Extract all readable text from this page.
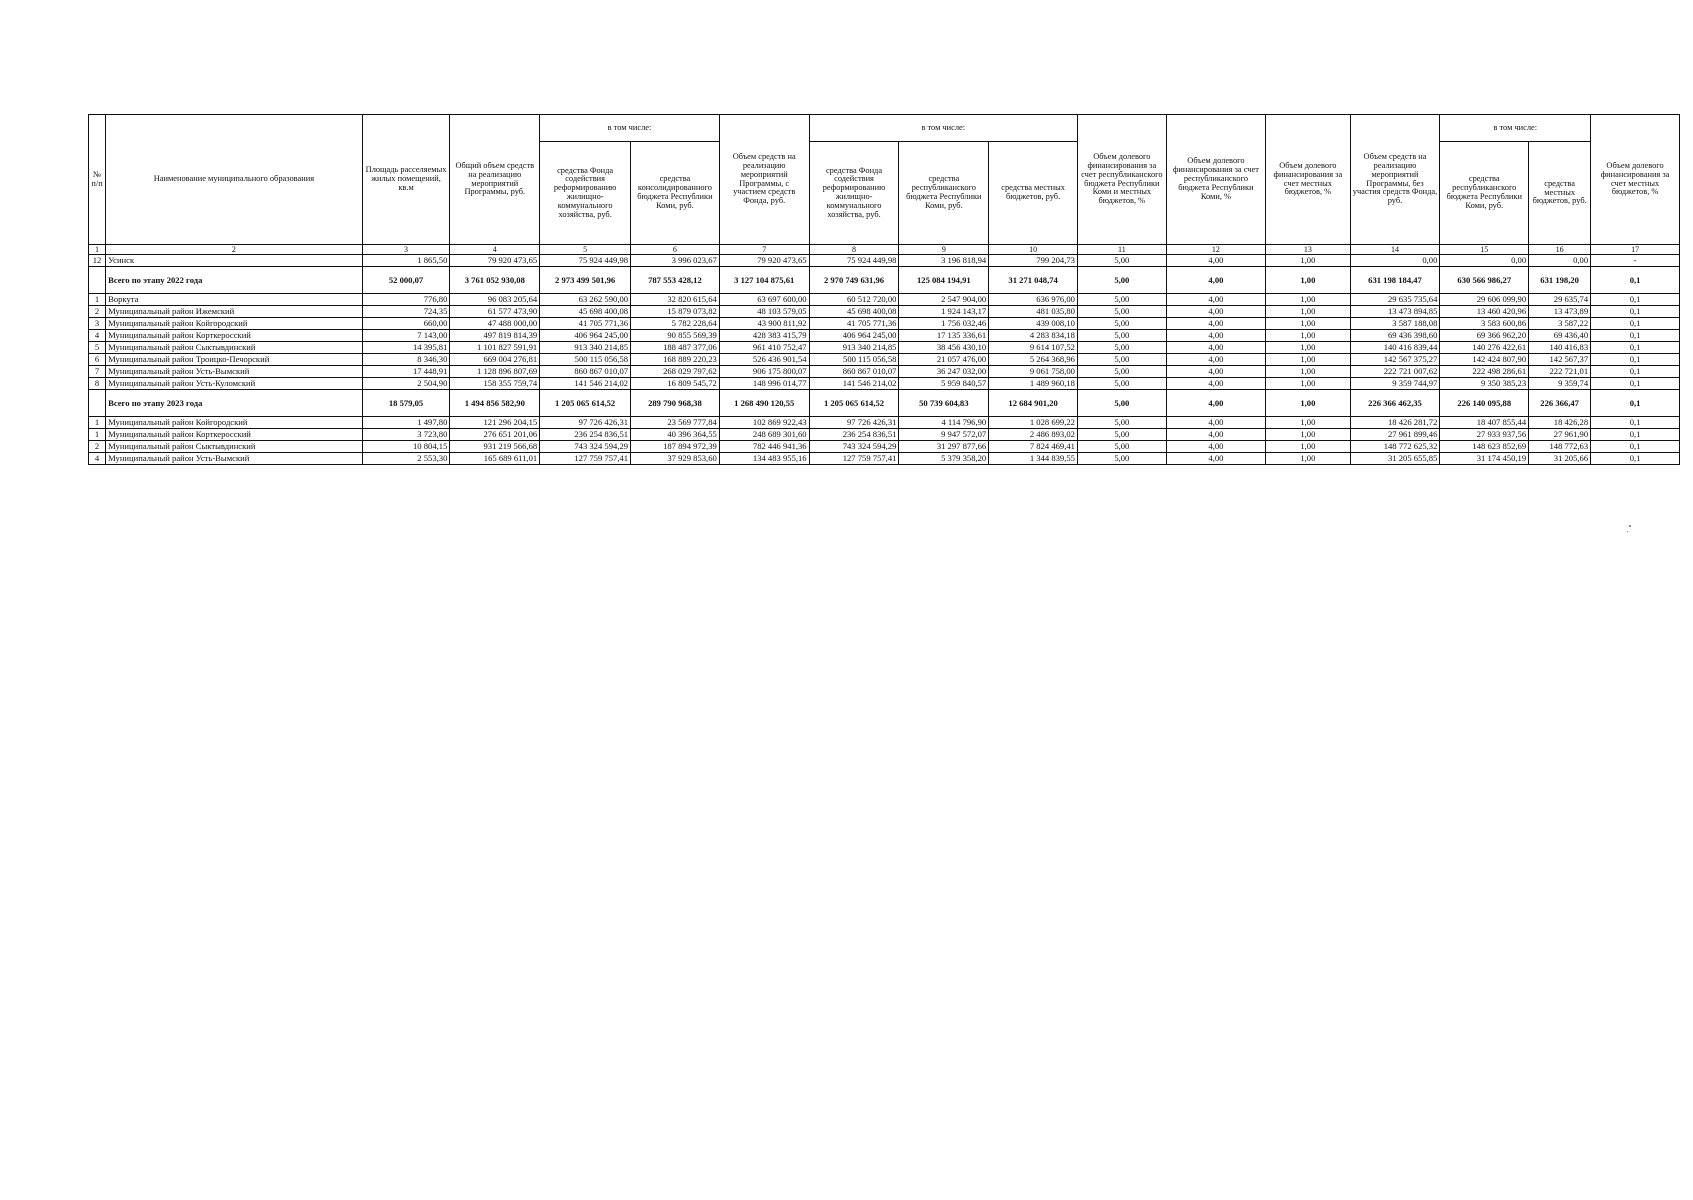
№ п/п	Наименование муниципального образования	Площадь расселяемых жилых помещений, кв.м	Общий объем средств на реализацию мероприятий Программы, руб.	в том числе:		Объем средств на реализацию мероприятий Программы, с участием средств Фонда, руб.	в том числе:			Объем долевого финансирования за счет республиканского бюджета Республики Коми и местных бюджетов, %	Объем долевого финансирования за счет республиканского бюджета Республики Коми, %	Объем долевого финансирования за счет местных бюджетов, %	Объем средств на реализацию мероприятий Программы, без участия средств Фонда, руб.	в том числе:		Объем долевого финансирования за счет местных бюджетов, %
				средства Фонда содействия реформированию жилищно-коммунального хозяйства, руб.	средства консолидированного бюджета Республики Коми, руб.		средства Фонда содействия реформированию жилищно-коммунального хозяйства, руб.	средства республиканского бюджета Республики Коми, руб.	средства местных бюджетов, руб.					средства республиканского бюджета Республики Коми, руб.	средства местных бюджетов, руб.	
1	2	3	4	5	6	7	8	9	10	11	12	13	14	15	16	17
12	Усинск	1 865,50	79 920 473,65	75 924 449,98	3 996 023,67	79 920 473,65	75 924 449,98	3 196 818,94	799 204,73	5,00	4,00	1,00	0,00	0,00	0,00	-
	Всего по этапу 2022 года	52 000,07	3 761 052 930,08	2 973 499 501,96	787 553 428,12	3 127 104 875,61	2 970 749 631,96	125 084 194,91	31 271 048,74	5,00	4,00	1,00	631 198 184,47	630 566 986,27	631 198,20	0,1
1	Воркута	776,80	96 083 205,64	63 262 590,00	32 820 615,64	63 697 600,00	60 512 720,00	2 547 904,00	636 976,00	5,00	4,00	1,00	29 635 735,64	29 606 099,90	29 635,74	0,1
2	Муниципальный район Ижемский	724,35	61 577 473,90	45 698 400,08	15 879 073,82	48 103 579,05	45 698 400,08	1 924 143,17	481 035,80	5,00	4,00	1,00	13 473 894,85	13 460 420,96	13 473,89	0,1
3	Муниципальный район Койгородский	660,00	47 488 000,00	41 705 771,36	5 782 228,64	43 900 811,92	41 705 771,36	1 756 032,46	439 008,10	5,00	4,00	1,00	3 587 188,08	3 583 600,86	3 587,22	0,1
4	Муниципальный район Корткеросский	7 143,00	497 819 814,39	406 964 245,00	90 855 569,39	428 383 415,79	406 964 245,00	17 135 336,61	4 283 834,18	5,00	4,00	1,00	69 436 398,60	69 366 962,20	69 436,40	0,1
5	Муниципальный район Сыктывдинский	14 395,81	1 101 827 591,91	913 340 214,85	188 487 377,06	961 410 752,47	913 340 214,85	38 456 430,10	9 614 107,52	5,00	4,00	1,00	140 416 839,44	140 276 422,61	140 416,83	0,1
6	Муниципальный район Троицко-Печорский	8 346,30	669 004 276,81	500 115 056,58	168 889 220,23	526 436 901,54	500 115 056,58	21 057 476,00	5 264 368,96	5,00	4,00	1,00	142 567 375,27	142 424 807,90	142 567,37	0,1
7	Муниципальный район Усть-Вымский	17 448,91	1 128 896 807,69	860 867 010,07	268 029 797,62	906 175 800,07	860 867 010,07	36 247 032,00	9 061 758,00	5,00	4,00	1,00	222 721 007,62	222 498 286,61	222 721,01	0,1
8	Муниципальный район Усть-Куломский	2 504,90	158 355 759,74	141 546 214,02	16 809 545,72	148 996 014,77	141 546 214,02	5 959 840,57	1 489 960,18	5,00	4,00	1,00	9 359 744,97	9 350 385,23	9 359,74	0,1
	Всего по этапу 2023 года	18 579,05	1 494 856 582,90	1 205 065 614,52	289 790 968,38	1 268 490 120,55	1 205 065 614,52	50 739 604,83	12 684 901,20	5,00	4,00	1,00	226 366 462,35	226 140 095,88	226 366,47	0,1
1	Муниципальный район Койгородский	1 497,80	121 296 204,15	97 726 426,31	23 569 777,84	102 869 922,43	97 726 426,31	4 114 796,90	1 028 699,22	5,00	4,00	1,00	18 426 281,72	18 407 855,44	18 426,28	0,1
1	Муниципальный район Корткеросский	3 723,80	276 651 201,06	236 254 836,51	40 396 364,55	248 689 301,60	236 254 836,51	9 947 572,07	2 486 893,02	5,00	4,00	1,00	27 961 899,46	27 933 937,56	27 961,90	0,1
2	Муниципальный район Сыктывдинский	10 804,15	931 219 566,68	743 324 594,29	187 894 972,39	782 446 941,36	743 324 594,29	31 297 877,66	7 824 469,41	5,00	4,00	1,00	148 772 625,32	148 623 852,69	148 772,63	0,1
4	Муниципальный район Усть-Вымский	2 553,30	165 689 611,01	127 759 757,41	37 929 853,60	134 483 955,16	127 759 757,41	5 379 358,20	1 344 839,55	5,00	4,00	1,00	31 205 655,85	31 174 450,19	31 205,66	0,1
